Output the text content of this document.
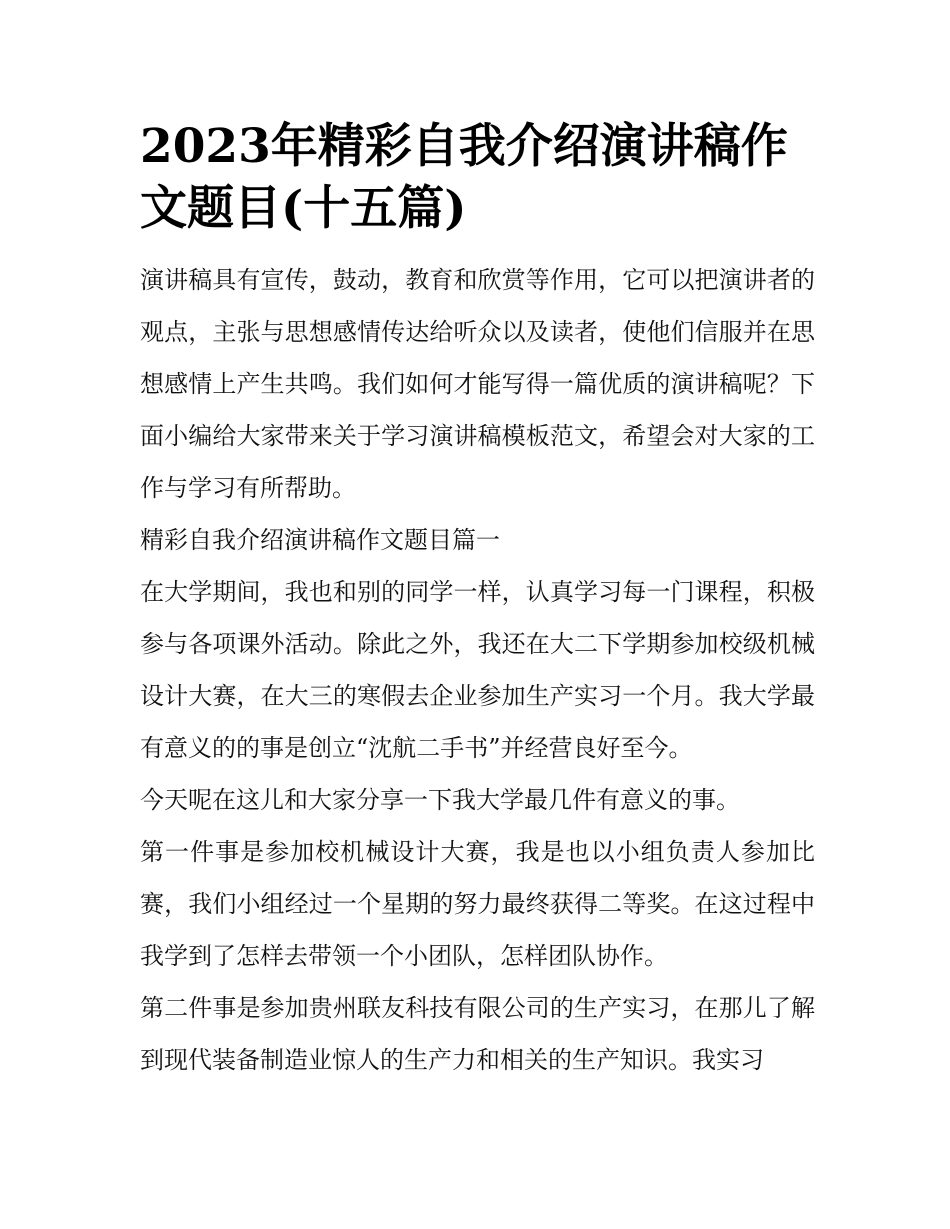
2023年精彩自我介绍演讲稿作文题目(十五篇)

演讲稿具有宣传，鼓动，教育和欣赏等作用，它可以把演讲者的观点，主张与思想感情传达给听众以及读者，使他们信服并在思想感情上产生共鸣。我们如何才能写得一篇优质的演讲稿呢？下面小编给大家带来关于学习演讲稿模板范文，希望会对大家的工作与学习有所帮助。

精彩自我介绍演讲稿作文题目篇一

在大学期间，我也和别的同学一样，认真学习每一门课程，积极参与各项课外活动。除此之外，我还在大二下学期参加校级机械设计大赛，在大三的寒假去企业参加生产实习一个月。我大学最有意义的的事是创立“沈航二手书”并经营良好至今。

今天呢在这儿和大家分享一下我大学最几件有意义的事。

第一件事是参加校机械设计大赛，我是也以小组负责人参加比赛，我们小组经过一个星期的努力最终获得二等奖。在这过程中我学到了怎样去带领一个小团队，怎样团队协作。

第二件事是参加贵州联友科技有限公司的生产实习，在那儿了解到现代装备制造业惊人的生产力和相关的生产知识。我实习
